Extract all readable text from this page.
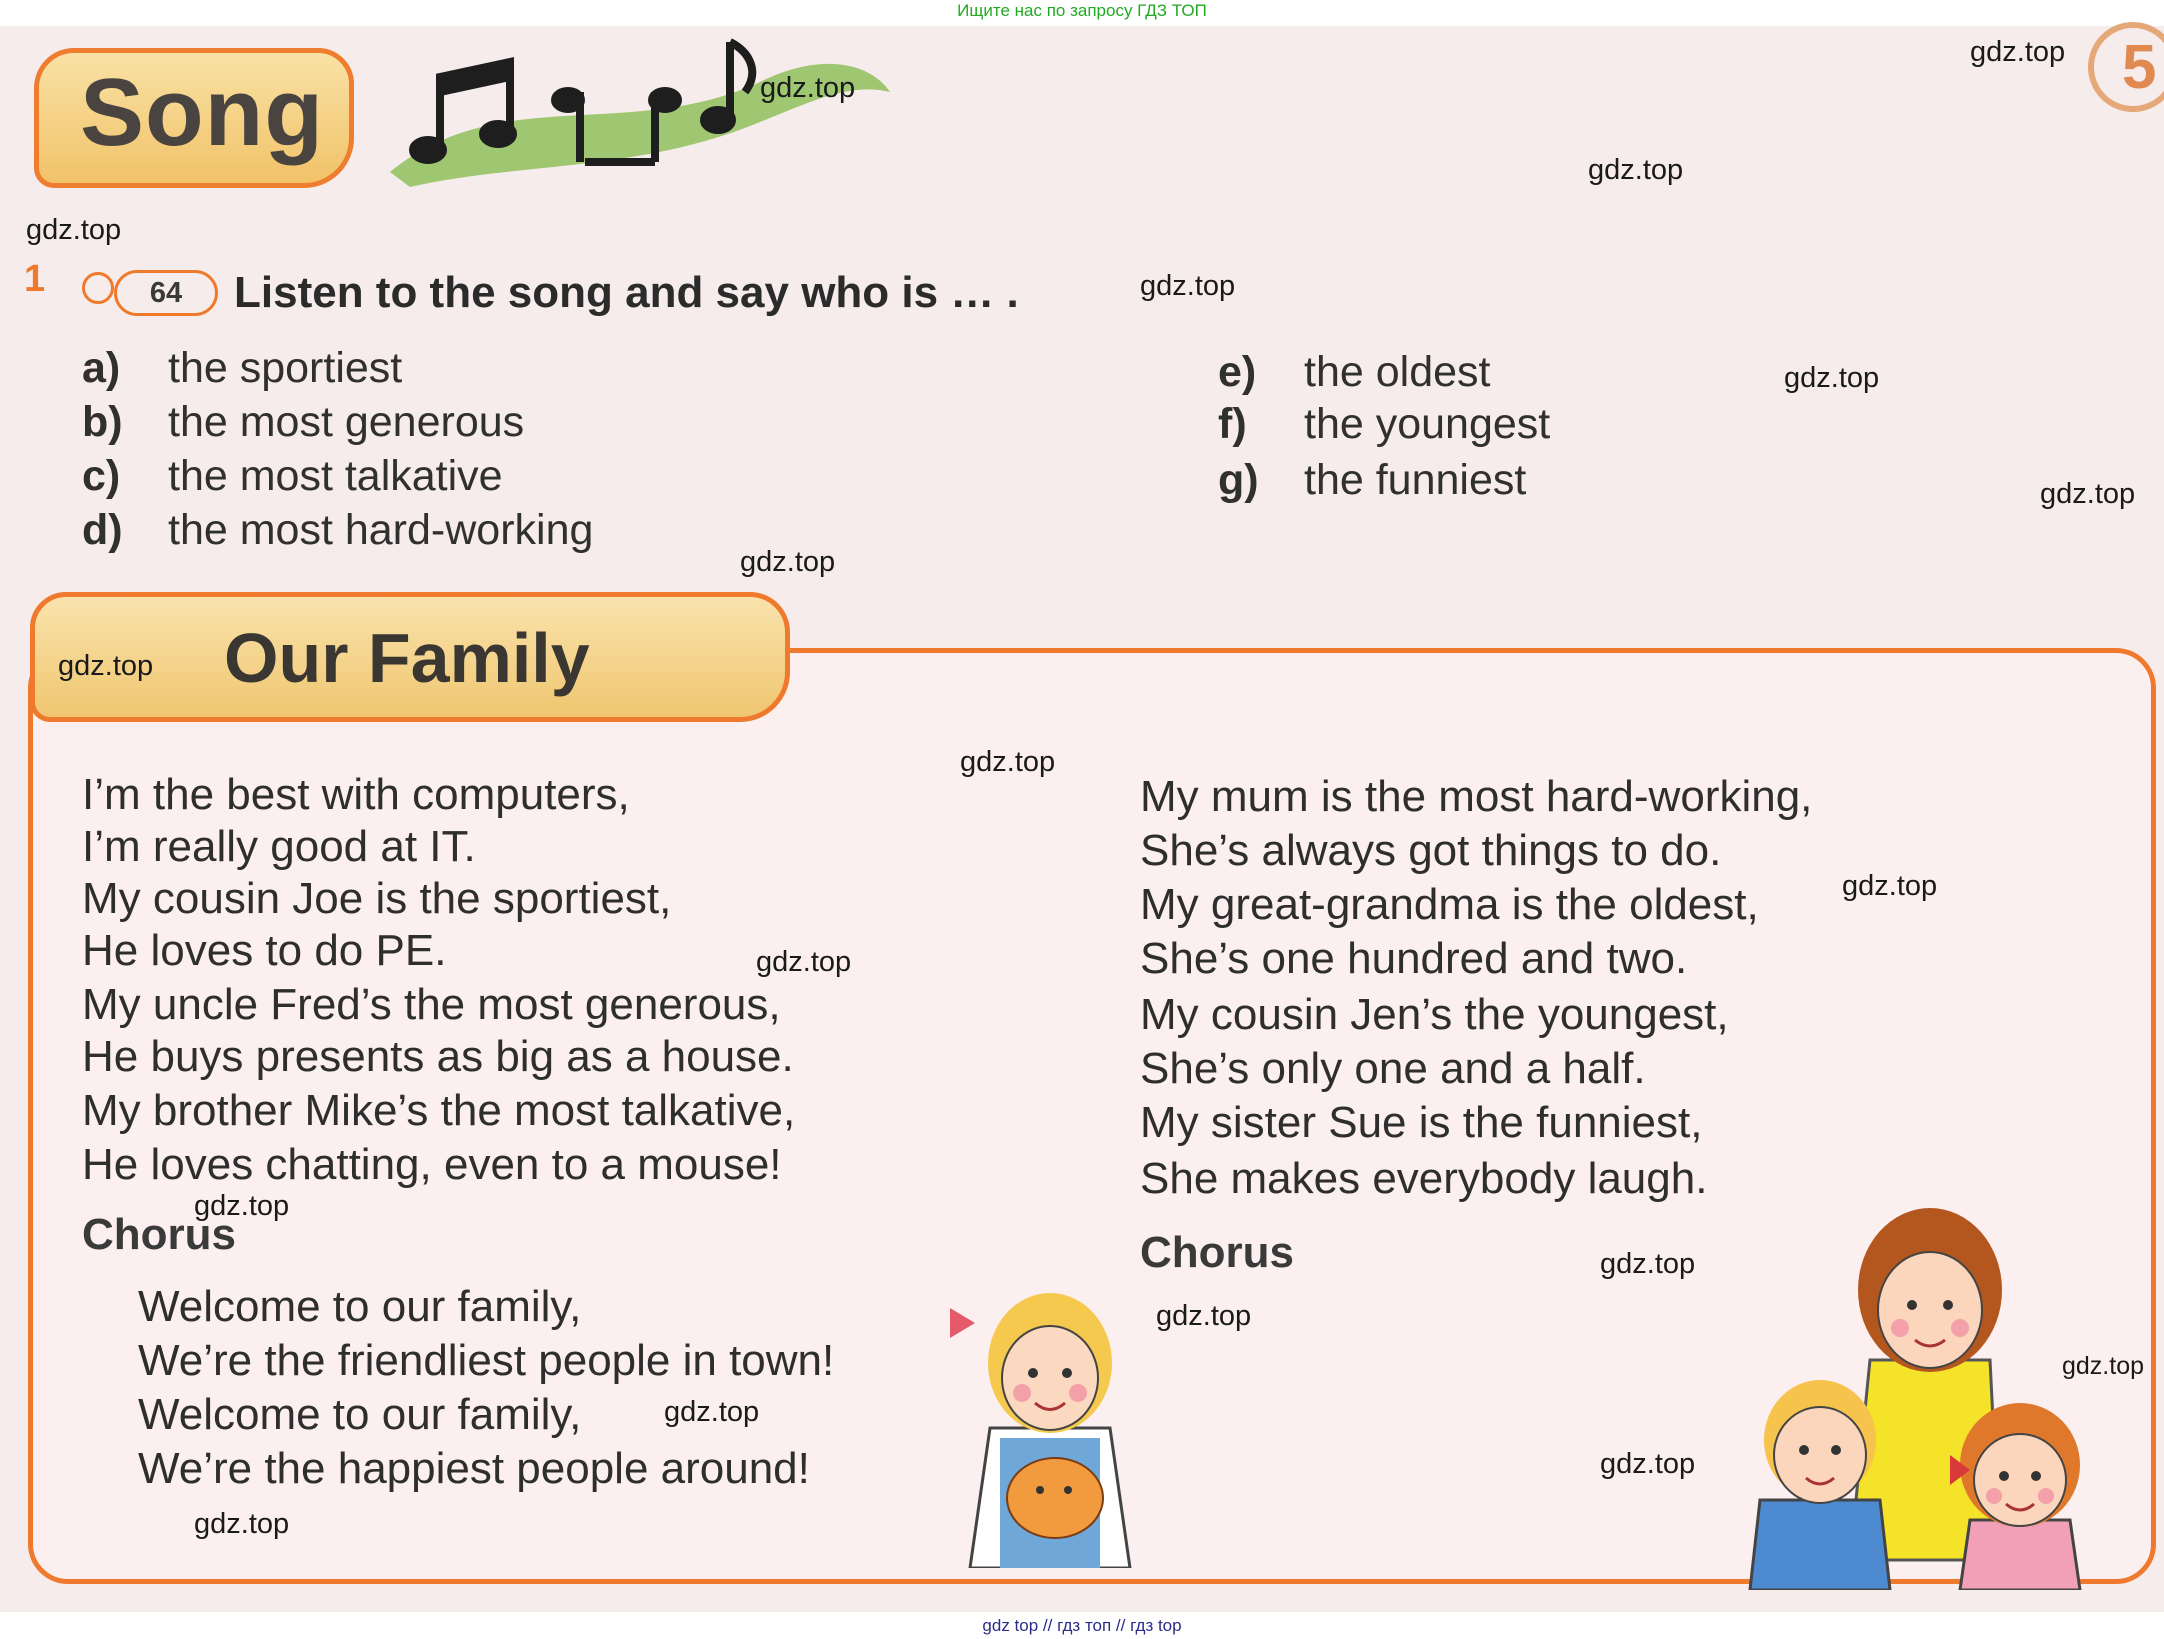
Ищите нас по запросу ГДЗ ТОП
gdz top // гдз топ // гдз top
5
Song
1	64	Listen to the song and say who is … .
a) the sportiest
b) the most generous
c) the most talkative
d) the most hard-working
e) the oldest
f) the youngest
g) the funniest
Our Family
I’m the best with computers,
I’m really good at IT.
My cousin Joe is the sportiest,
He loves to do PE.
My uncle Fred’s the most generous,
He buys presents as big as a house.
My brother Mike’s the most talkative,
He loves chatting, even to a mouse!
Chorus
Welcome to our family,
We’re the friendliest people in town!
Welcome to our family,
We’re the happiest people around!
My mum is the most hard-working,
She’s always got things to do.
My great-grandma is the oldest,
She’s one hundred and two.
My cousin Jen’s the youngest,
She’s only one and a half.
My sister Sue is the funniest,
She makes everybody laugh.
Chorus
gdz.top
gdz.top
gdz.top
gdz.top
gdz.top
gdz.top
gdz.top
gdz.top
gdz.top
gdz.top
gdz.top
gdz.top
gdz.top
gdz.top
gdz.top
gdz.top
gdz.top
gdz.top
gdz.top
